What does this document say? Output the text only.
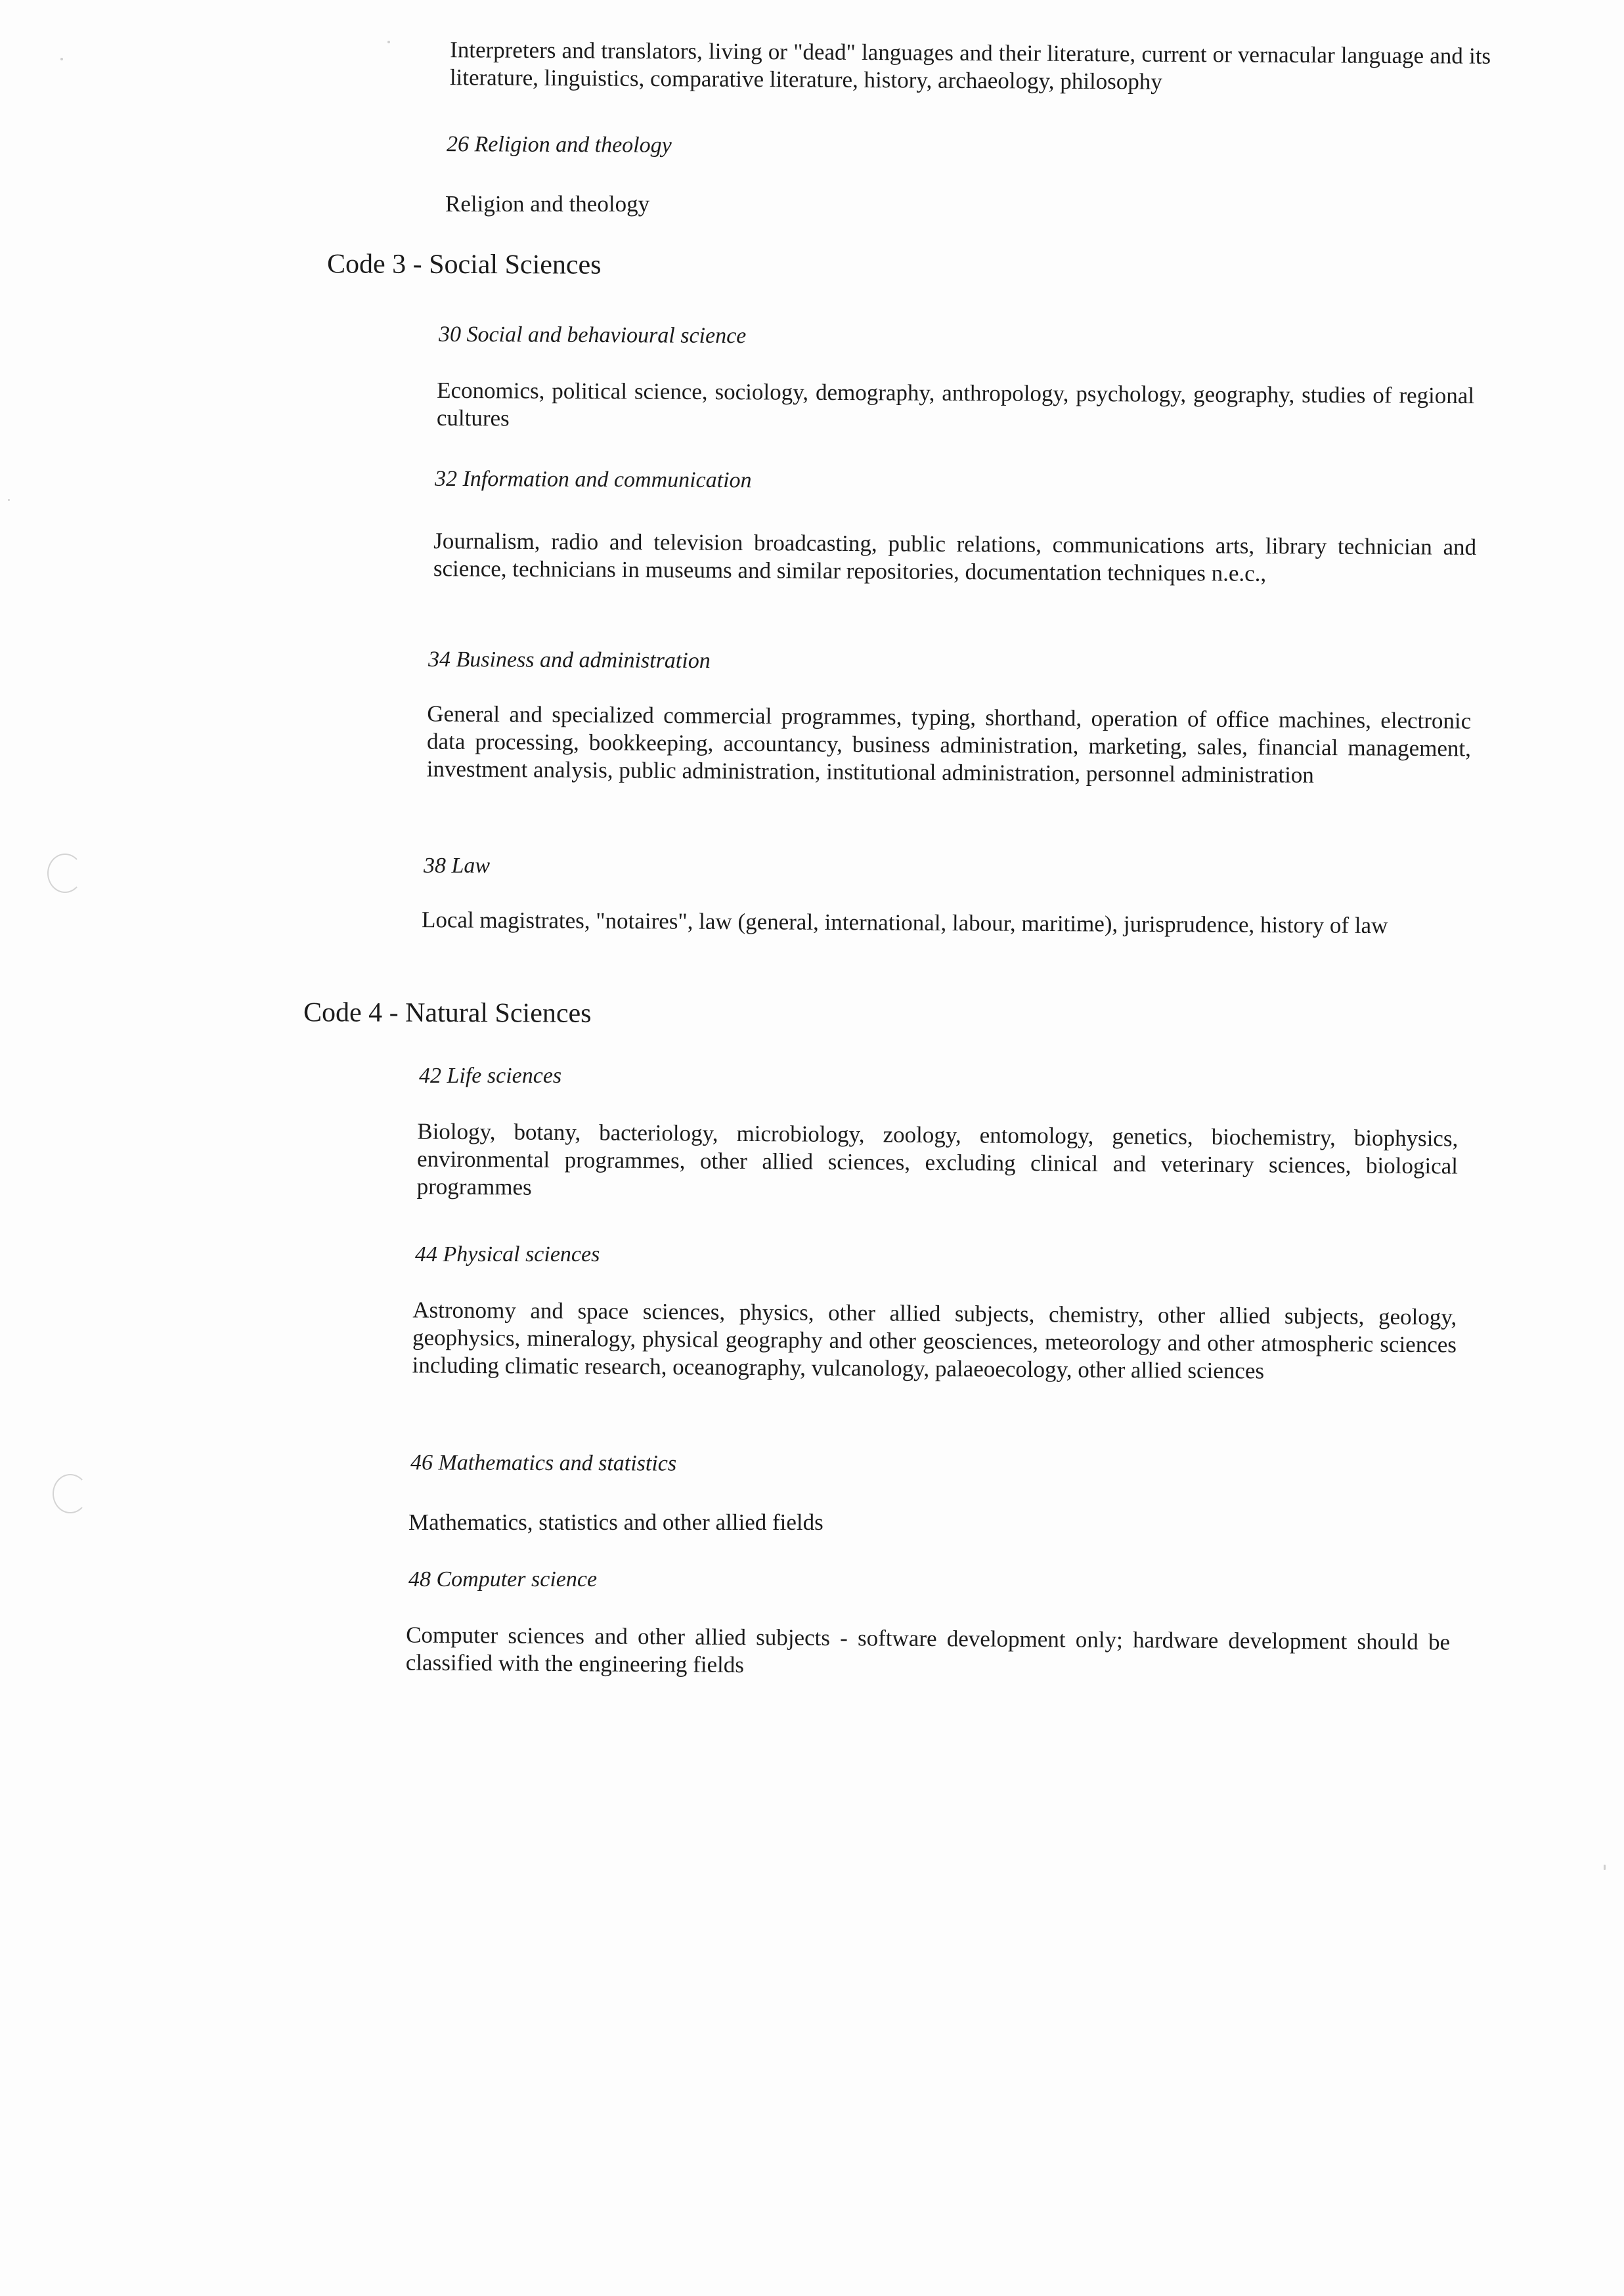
Interpreters and translators, living or "dead" languages and their literature, current or vernacular language and its literature, linguistics, comparative literature, history, archaeology, philosophy
26 Religion and theology
Religion and theology
Code 3 - Social Sciences
30 Social and behavioural science
Economics, political science, sociology, demography, anthropology, psychology, geography, studies of regional cultures
32 Information and communication
Journalism, radio and television broadcasting, public relations, communications arts, library technician and science, technicians in museums and similar repositories, documentation techniques n.e.c.,
34 Business and administration
General and specialized commercial programmes, typing, shorthand, operation of office machines, electronic data processing, bookkeeping, accountancy, business administration, marketing, sales, financial management, investment analysis, public administration, institutional administration, personnel administration
38 Law
Local magistrates, "notaires", law (general, international, labour, maritime), jurisprudence, history of law
Code 4 - Natural Sciences
42 Life sciences
Biology, botany, bacteriology, microbiology, zoology, entomology, genetics, biochemistry, biophysics, environmental programmes, other allied sciences, excluding clinical and veterinary sciences, biological programmes
44 Physical sciences
Astronomy and space sciences, physics, other allied subjects, chemistry, other allied subjects, geology, geophysics, mineralogy, physical geography and other geosciences, meteorology and other atmospheric sciences including climatic research, oceanography, vulcanology, palaeoecology, other allied sciences
46 Mathematics and statistics
Mathematics, statistics and other allied fields
48 Computer science
Computer sciences and other allied subjects - software development only; hardware development should be classified with the engineering fields
